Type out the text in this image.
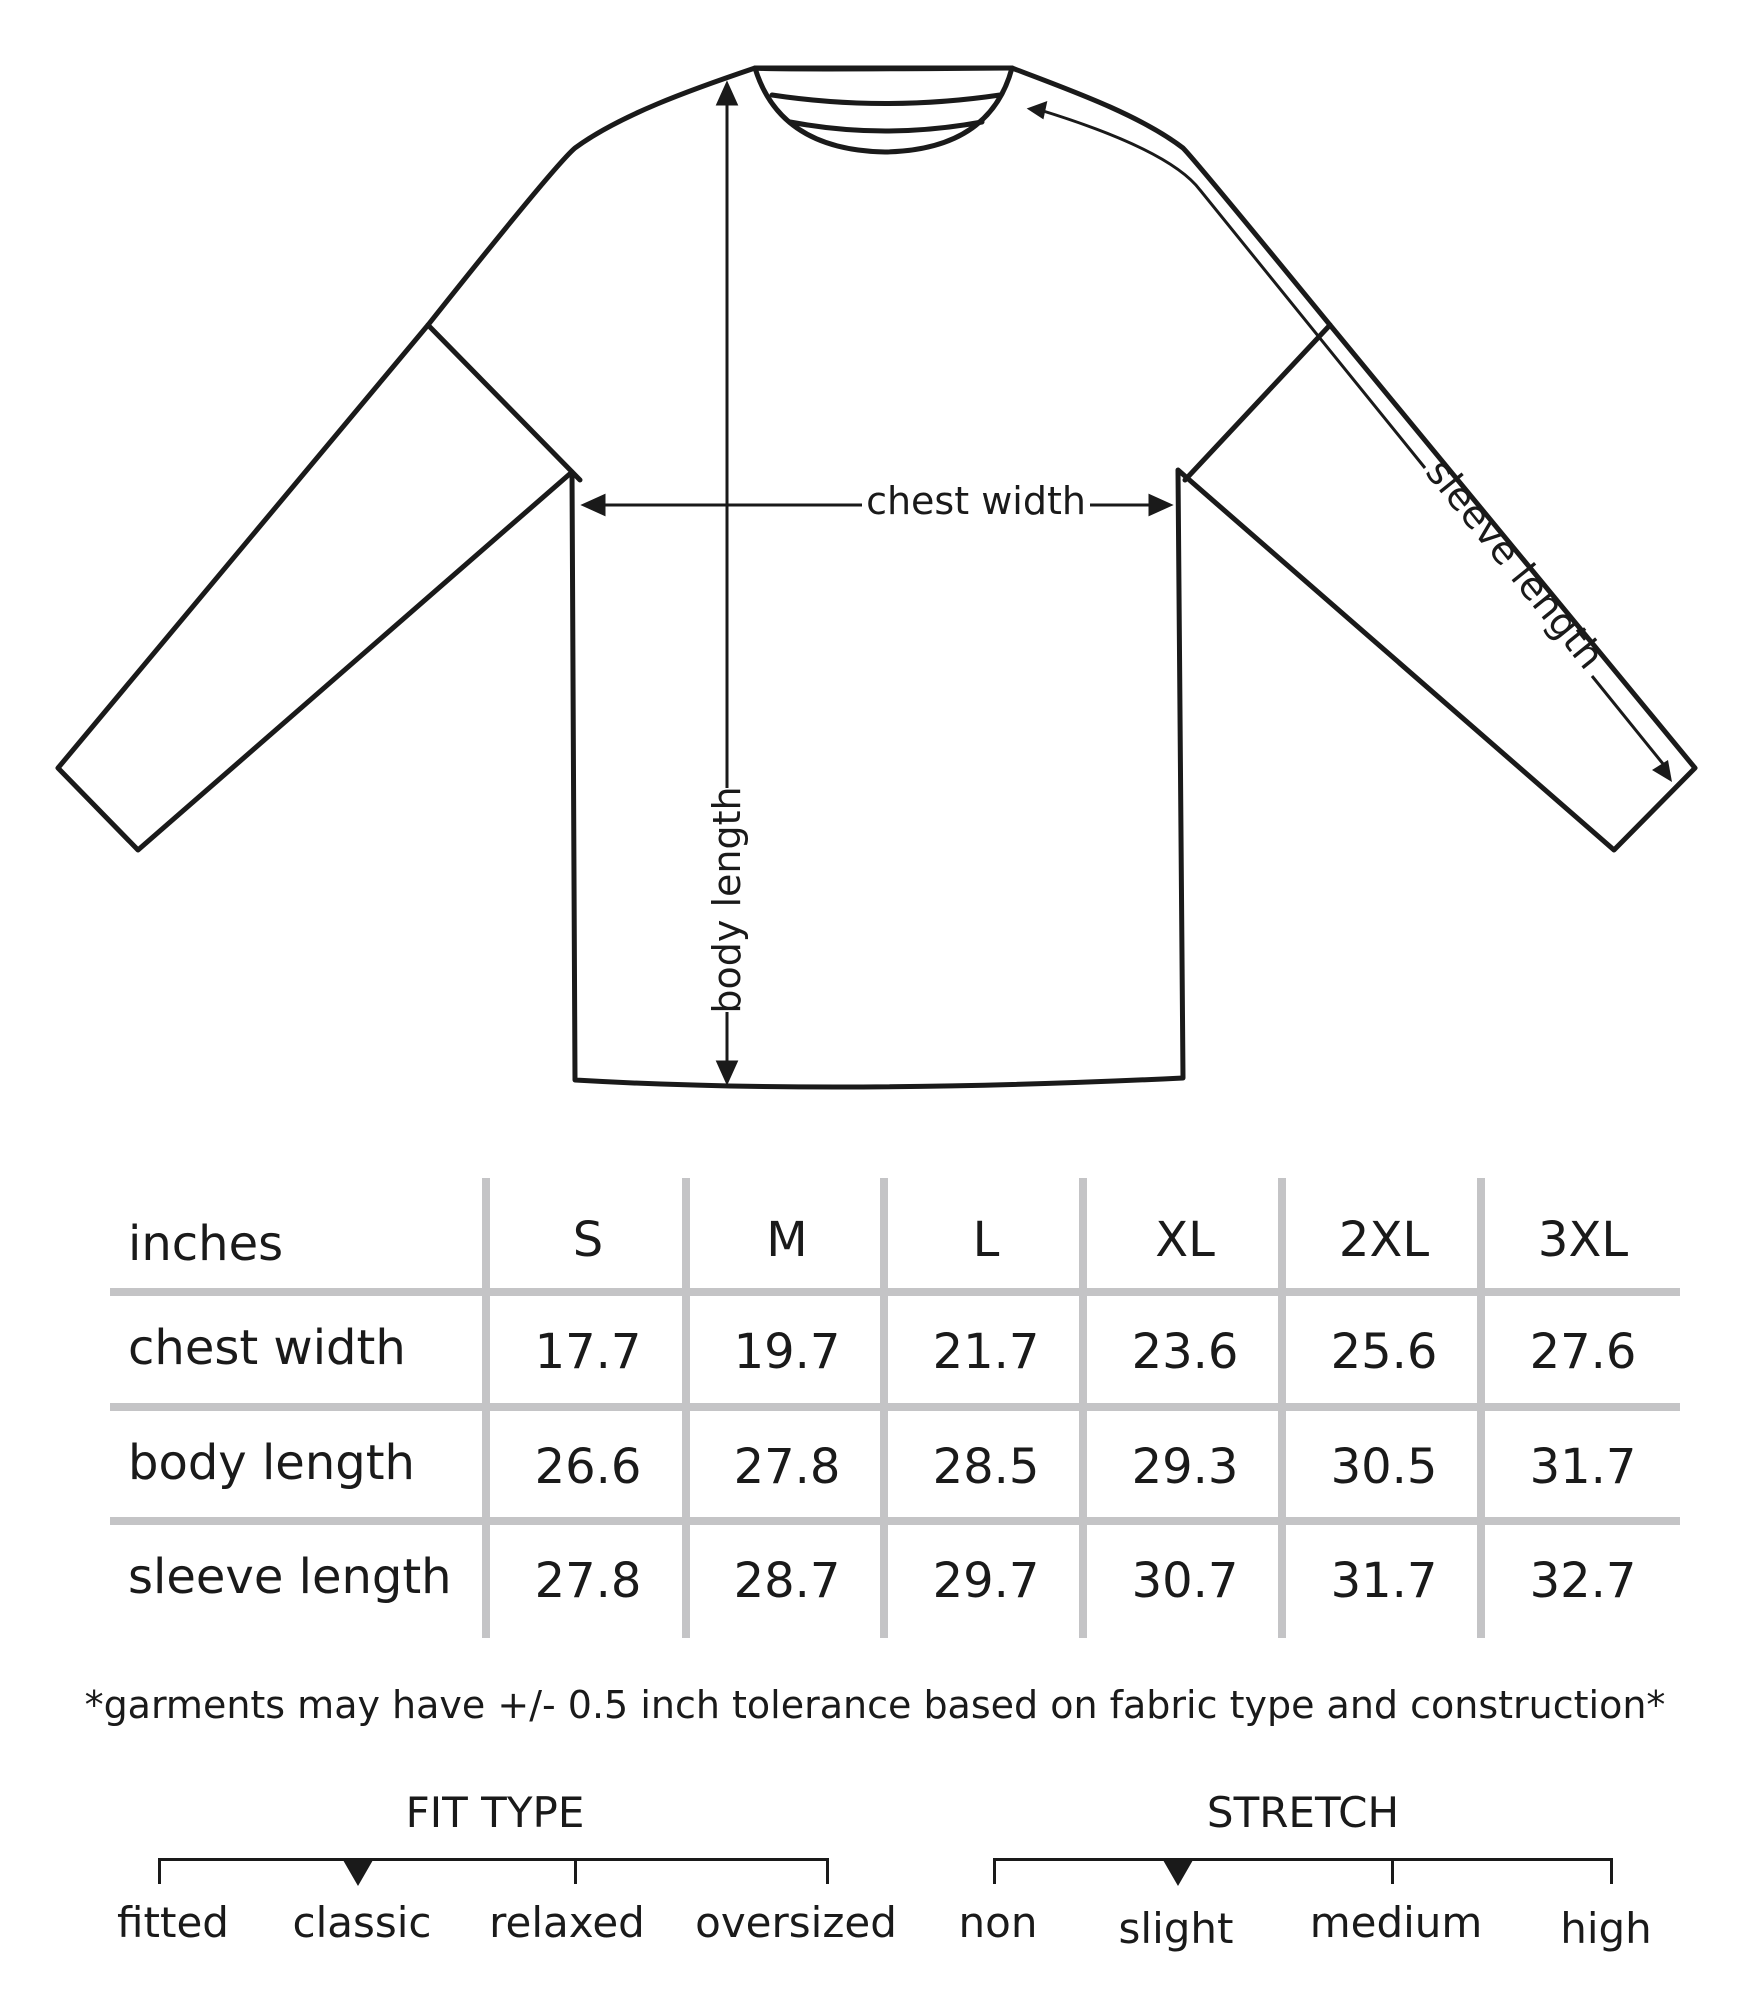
chest width
body length
sleeve length
inches	S	M	L	XL	2XL	3XL
chest width	17.7	19.7	21.7	23.6	25.6	27.6
body length	26.6	27.8	28.5	29.3	30.5	31.7
sleeve length	27.8	28.7	29.7	30.7	31.7	32.7
*garments may have +/- 0.5 inch tolerance based on fabric type and construction*
FIT TYPE
fitted classic relaxed oversized
STRETCH
non slight medium high
